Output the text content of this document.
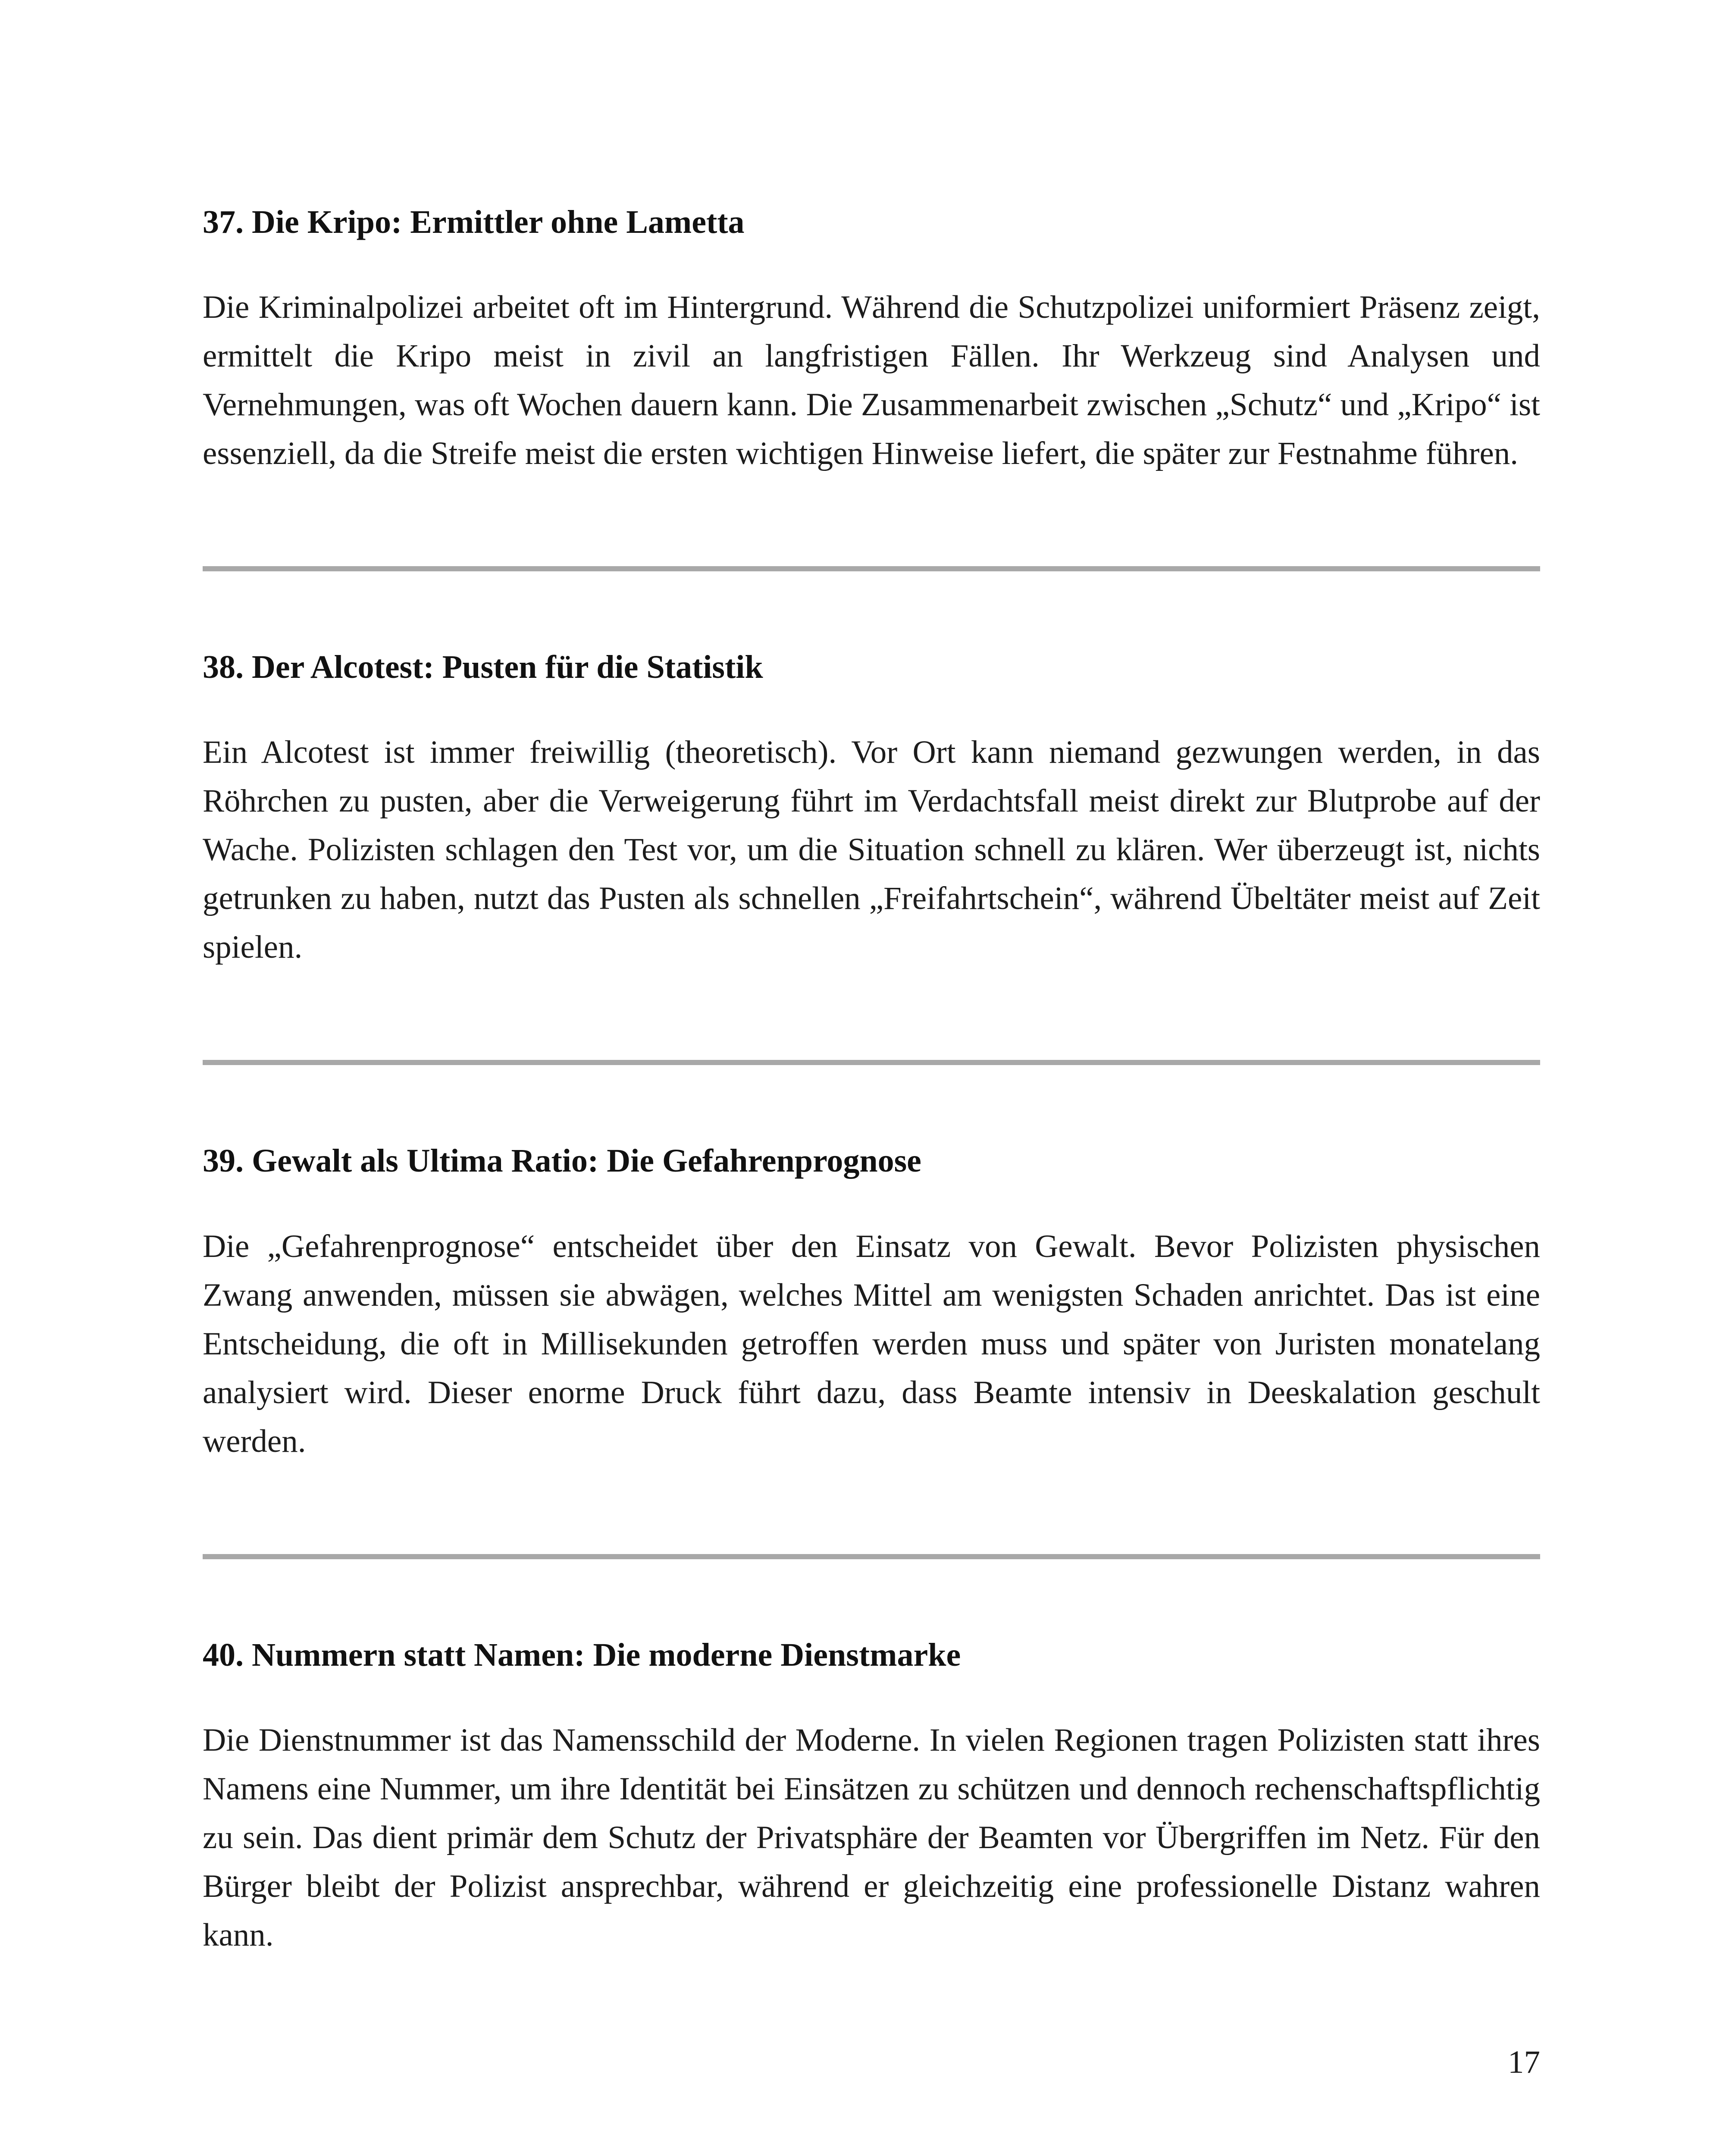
37. Die Kripo: Ermittler ohne Lametta

Die Kriminalpolizei arbeitet oft im Hintergrund. Während die Schutzpolizei uniformiert Präsenz zeigt, ermittelt die Kripo meist in zivil an langfristigen Fällen. Ihr Werkzeug sind Analysen und Vernehmungen, was oft Wochen dauern kann. Die Zusammenarbeit zwischen „Schutz“ und „Kripo“ ist essenziell, da die Streife meist die ersten wichtigen Hinweise liefert, die später zur Festnahme führen.

38. Der Alcotest: Pusten für die Statistik

Ein Alcotest ist immer freiwillig (theoretisch). Vor Ort kann niemand gezwungen werden, in das Röhrchen zu pusten, aber die Verweigerung führt im Verdachtsfall meist direkt zur Blutprobe auf der Wache. Polizisten schlagen den Test vor, um die Situation schnell zu klären. Wer überzeugt ist, nichts getrunken zu haben, nutzt das Pusten als schnellen „Freifahrtschein“, während Übeltäter meist auf Zeit spielen.

39. Gewalt als Ultima Ratio: Die Gefahrenprognose

Die „Gefahrenprognose“ entscheidet über den Einsatz von Gewalt. Bevor Polizisten physischen Zwang anwenden, müssen sie abwägen, welches Mittel am wenigsten Schaden anrichtet. Das ist eine Entscheidung, die oft in Millisekunden getroffen werden muss und später von Juristen monatelang analysiert wird. Dieser enorme Druck führt dazu, dass Beamte intensiv in Deeskalation geschult werden.

40. Nummern statt Namen: Die moderne Dienstmarke

Die Dienstnummer ist das Namensschild der Moderne. In vielen Regionen tragen Polizisten statt ihres Namens eine Nummer, um ihre Identität bei Einsätzen zu schützen und dennoch rechenschaftspflichtig zu sein. Das dient primär dem Schutz der Privatsphäre der Beamten vor Übergriffen im Netz. Für den Bürger bleibt der Polizist ansprechbar, während er gleichzeitig eine professionelle Distanz wahren kann.

17
